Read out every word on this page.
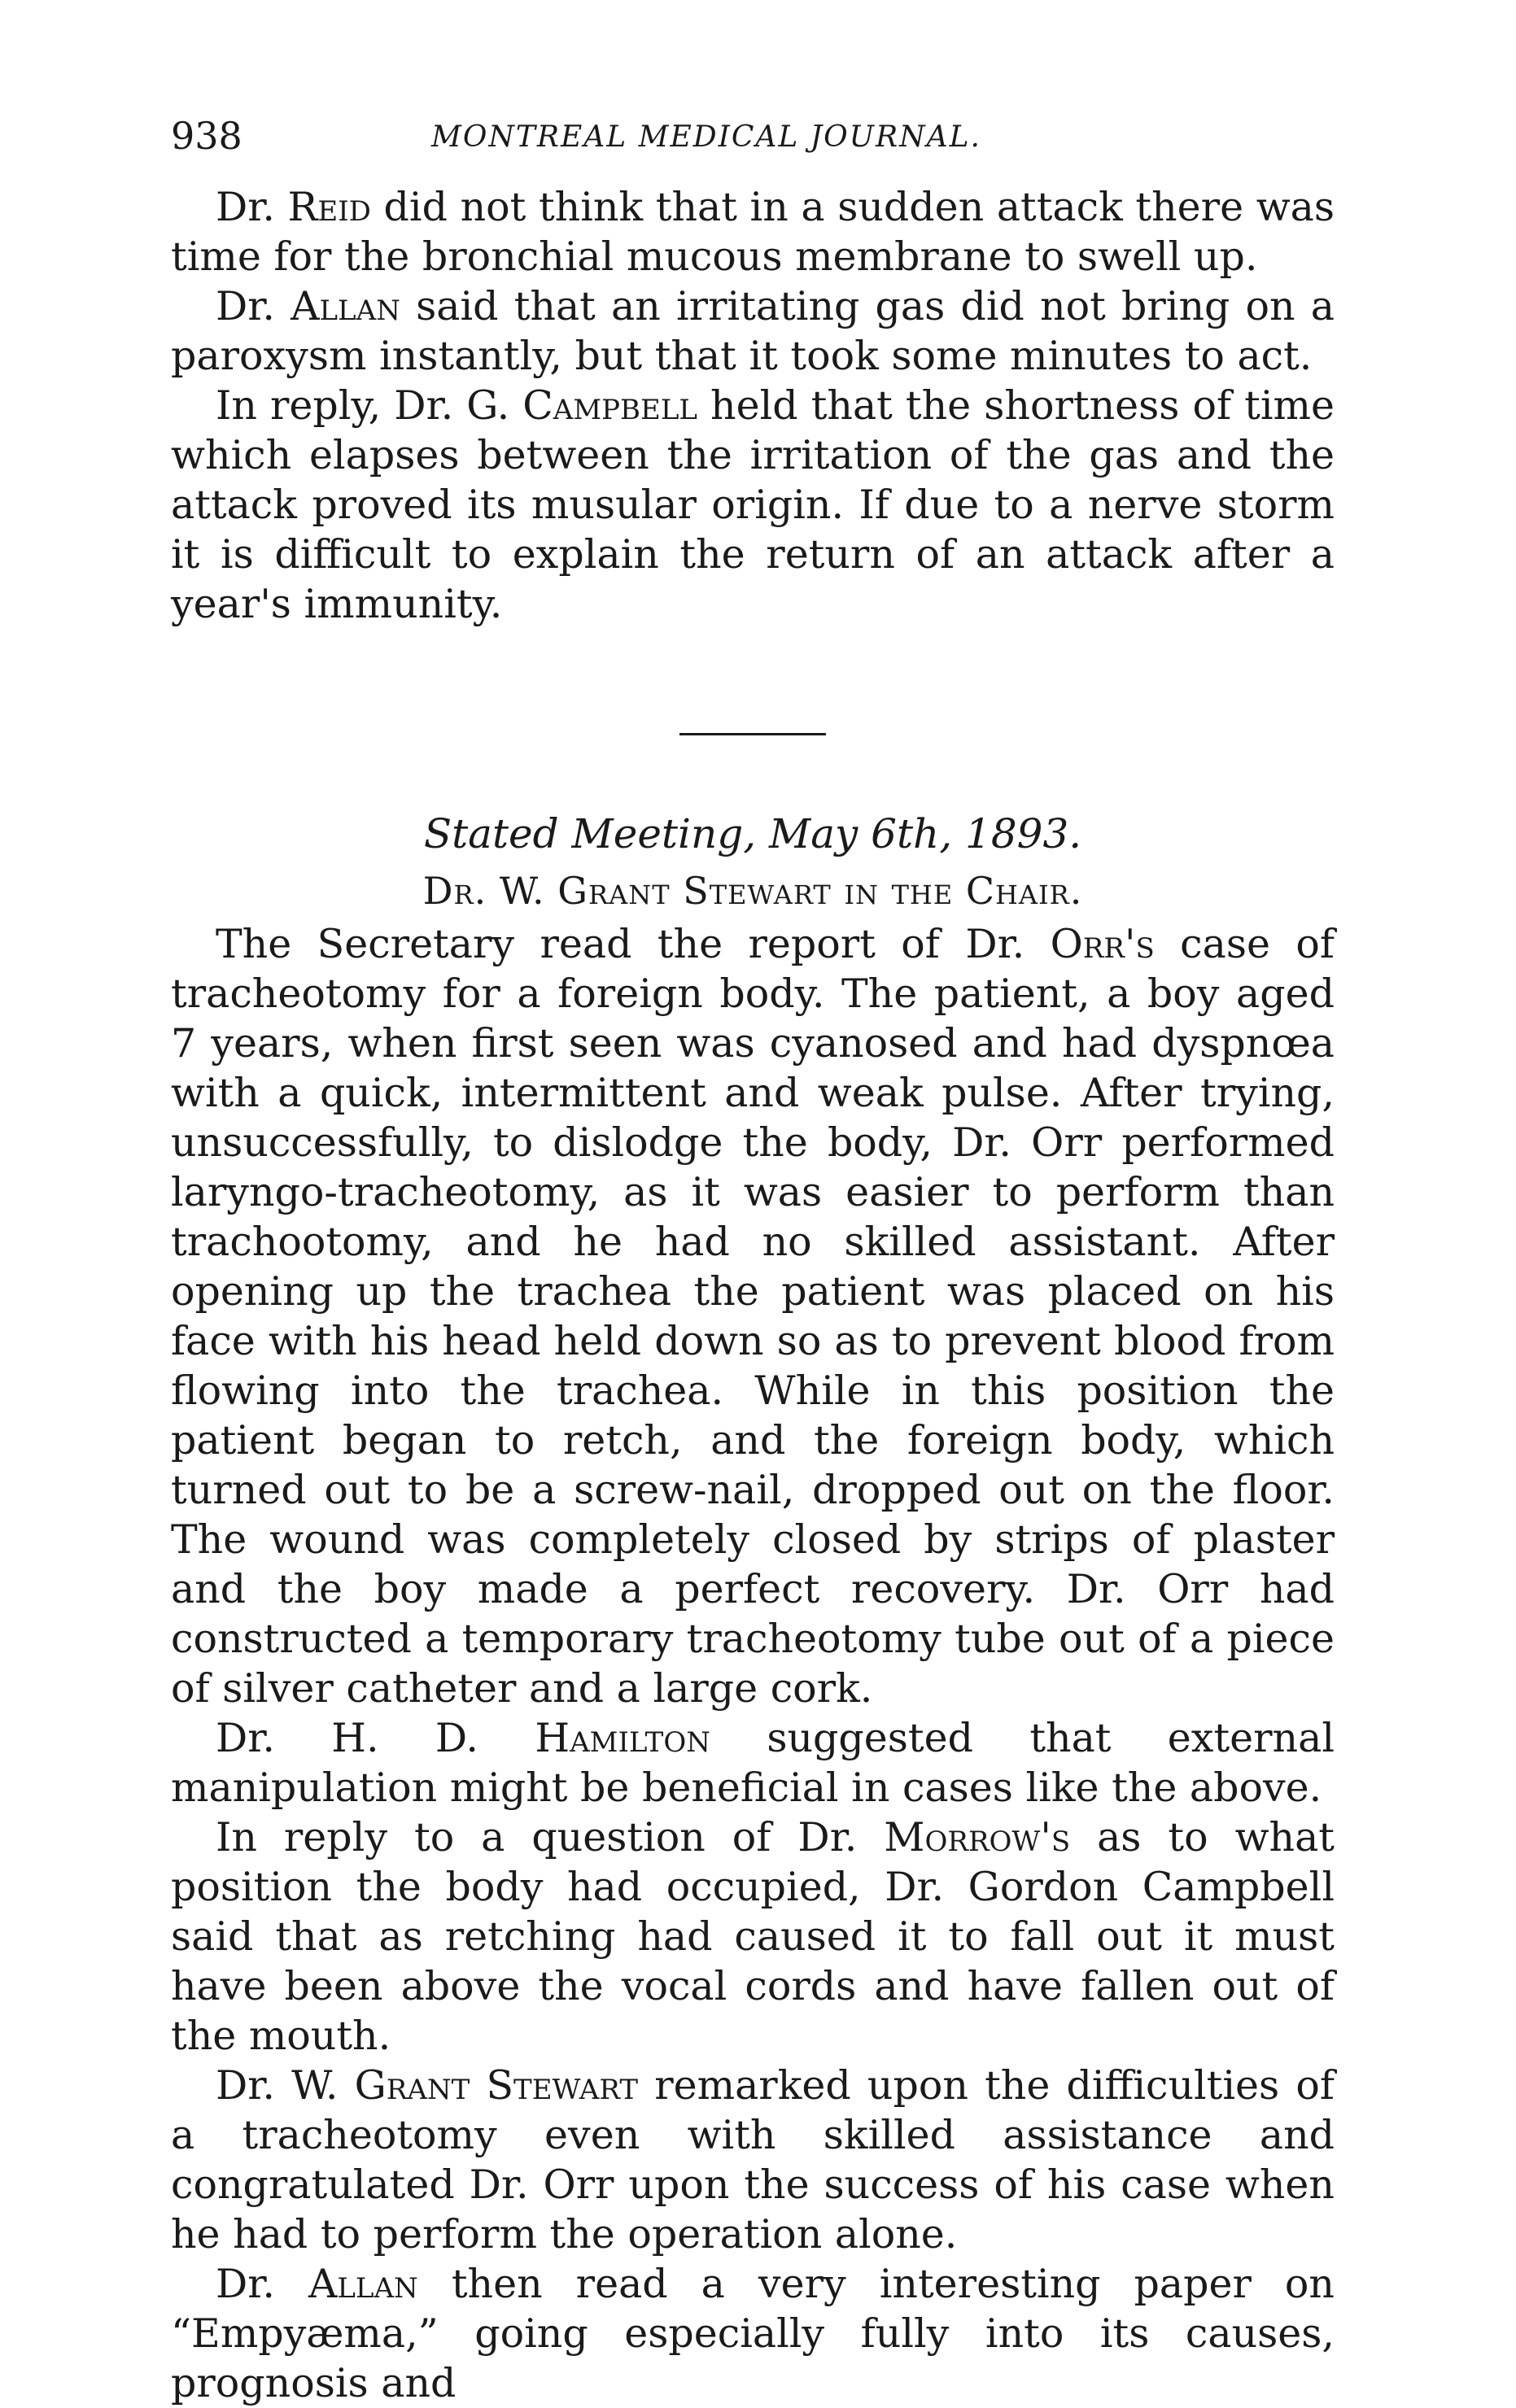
938	MONTREAL MEDICAL JOURNAL.

Dr. Reid did not think that in a sudden attack there was time for the bronchial mucous membrane to swell up.

Dr. Allan said that an irritating gas did not bring on a paroxysm instantly, but that it took some minutes to act.

In reply, Dr. G. Campbell held that the shortness of time which elapses between the irritation of the gas and the attack proved its musular origin. If due to a nerve storm it is difficult to explain the return of an attack after a year's immunity.

Stated Meeting, May 6th, 1893.
Dr. W. Grant Stewart in the Chair.

The Secretary read the report of Dr. Orr's case of tracheotomy for a foreign body. The patient, a boy aged 7 years, when first seen was cyanosed and had dyspnœa with a quick, intermittent and weak pulse. After trying, unsuccessfully, to dislodge the body, Dr. Orr performed laryngo-tracheotomy, as it was easier to perform than trachootomy, and he had no skilled assistant. After opening up the trachea the patient was placed on his face with his head held down so as to prevent blood from flowing into the trachea. While in this position the patient began to retch, and the foreign body, which turned out to be a screw-nail, dropped out on the floor. The wound was completely closed by strips of plaster and the boy made a perfect recovery. Dr. Orr had constructed a temporary tracheotomy tube out of a piece of silver catheter and a large cork.

Dr. H. D. Hamilton suggested that external manipulation might be beneficial in cases like the above.

In reply to a question of Dr. Morrow's as to what position the body had occupied, Dr. Gordon Campbell said that as retching had caused it to fall out it must have been above the vocal cords and have fallen out of the mouth.

Dr. W. Grant Stewart remarked upon the difficulties of a tracheotomy even with skilled assistance and congratulated Dr. Orr upon the success of his case when he had to perform the operation alone.

Dr. Allan then read a very interesting paper on “Empyæma,” going especially fully into its causes, prognosis and
